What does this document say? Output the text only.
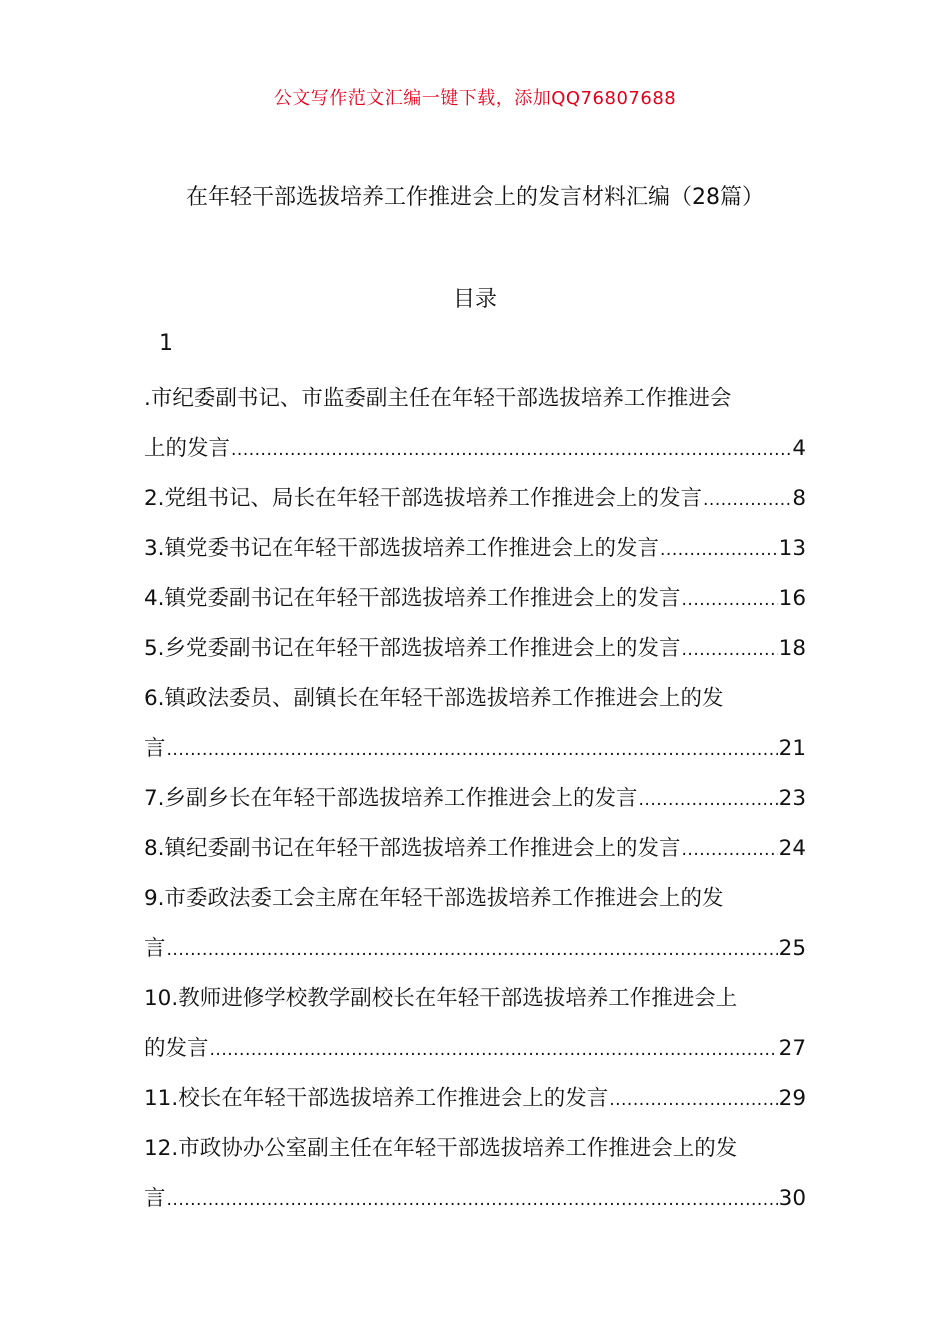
公文写作范文汇编一键下载，添加QQ76807688
在年轻干部选拔培养工作推进会上的发言材料汇编（28篇）
目录
1
.市纪委副书记、市监委副主任在年轻干部选拔培养工作推进会
上的发言 .....	4
2.党组书记、局长在年轻干部选拔培养工作推进会上的发言 .....	8
3.镇党委书记在年轻干部选拔培养工作推进会上的发言 .....	13
4.镇党委副书记在年轻干部选拔培养工作推进会上的发言 .....	16
5.乡党委副书记在年轻干部选拔培养工作推进会上的发言 .....	18
6.镇政法委员、副镇长在年轻干部选拔培养工作推进会上的发
言 .....	21
7.乡副乡长在年轻干部选拔培养工作推进会上的发言 .....	23
8.镇纪委副书记在年轻干部选拔培养工作推进会上的发言 .....	24
9.市委政法委工会主席在年轻干部选拔培养工作推进会上的发
言 .....	25
10.教师进修学校教学副校长在年轻干部选拔培养工作推进会上
的发言 .....	27
11.校长在年轻干部选拔培养工作推进会上的发言 .....	29
12.市政协办公室副主任在年轻干部选拔培养工作推进会上的发
言 .....	30
